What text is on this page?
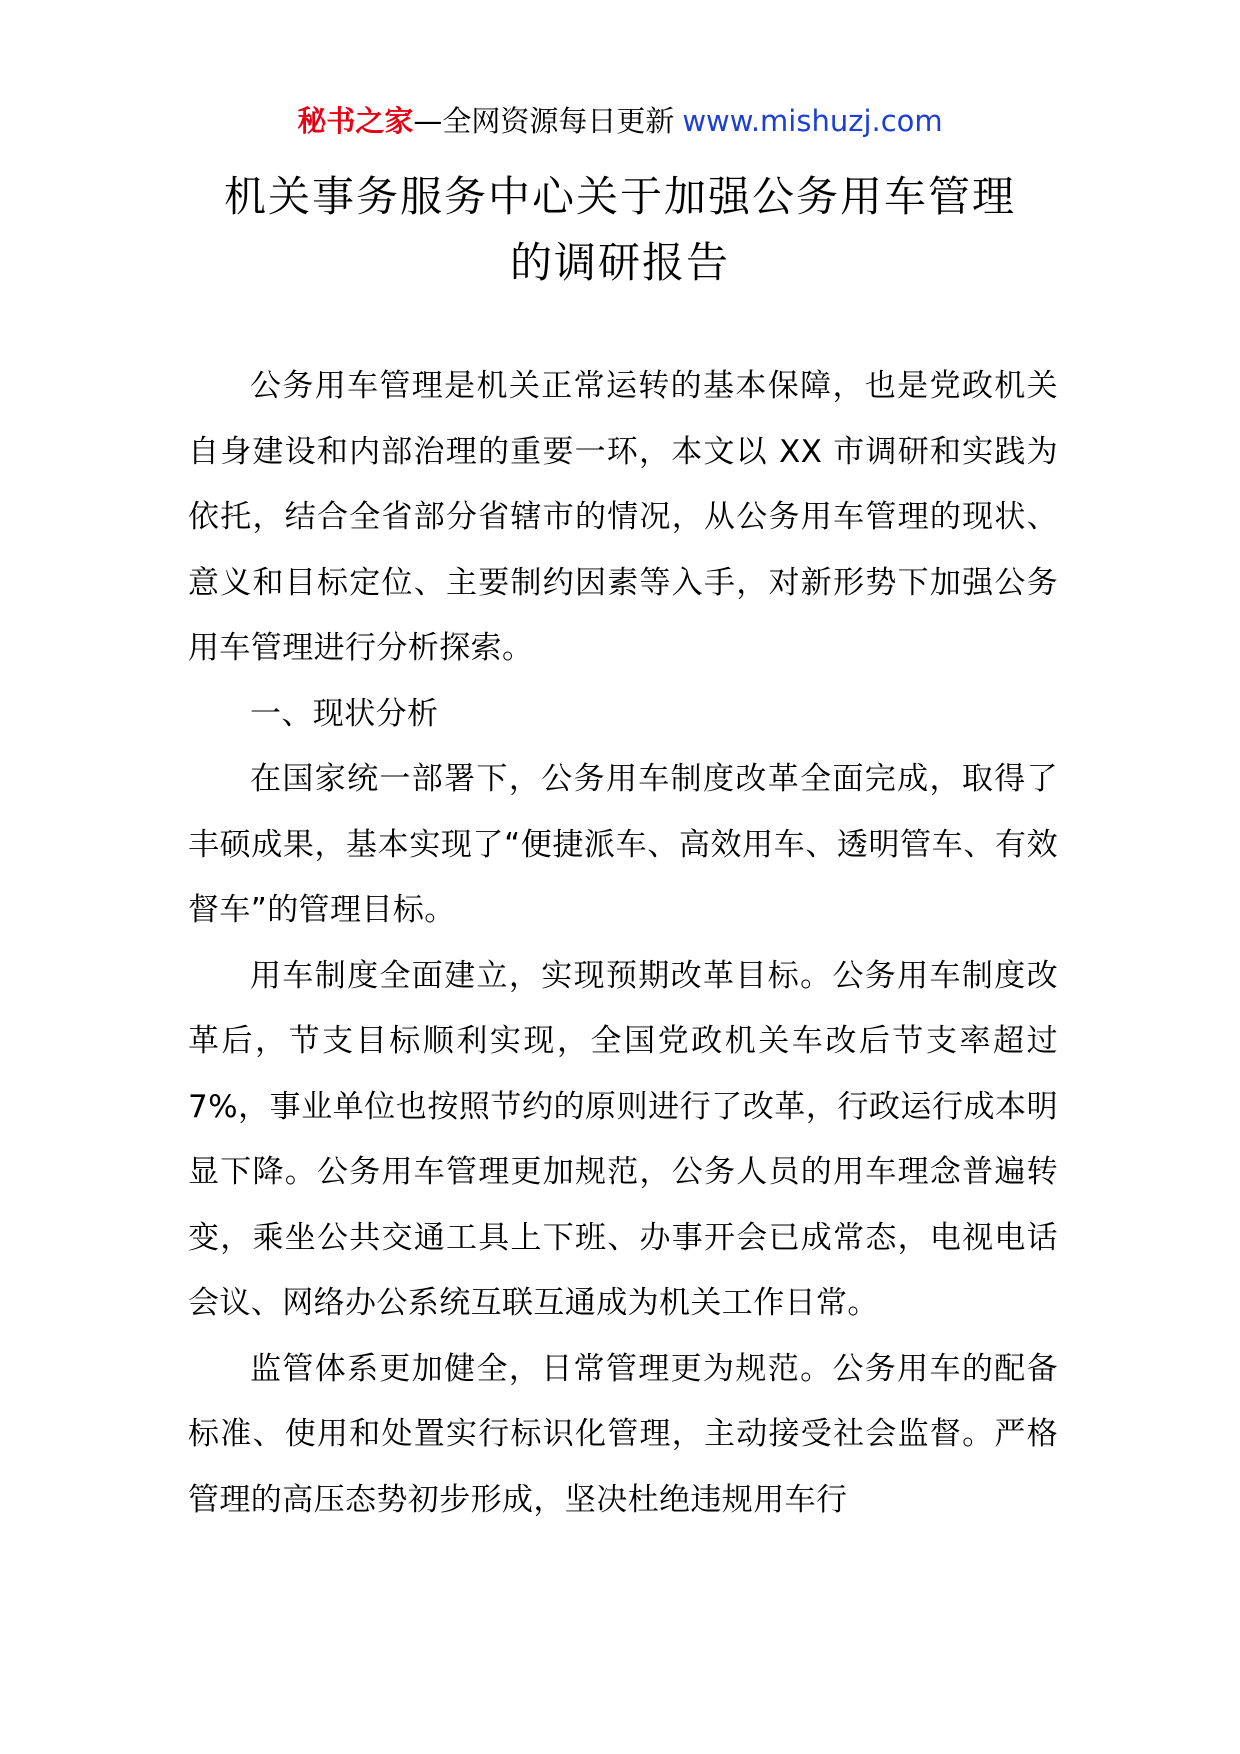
秘书之家—全网资源每日更新 www.mishuzj.com
机关事务服务中心关于加强公务用车管理
的调研报告

公务用车管理是机关正常运转的基本保障，也是党政机关自身建设和内部治理的重要一环，本文以 XX 市调研和实践为依托，结合全省部分省辖市的情况，从公务用车管理的现状、意义和目标定位、主要制约因素等入手，对新形势下加强公务用车管理进行分析探索。

一、现状分析

在国家统一部署下，公务用车制度改革全面完成，取得了丰硕成果，基本实现了“便捷派车、高效用车、透明管车、有效督车”的管理目标。

用车制度全面建立，实现预期改革目标。公务用车制度改革后，节支目标顺利实现，全国党政机关车改后节支率超过 7%，事业单位也按照节约的原则进行了改革，行政运行成本明显下降。公务用车管理更加规范，公务人员的用车理念普遍转变，乘坐公共交通工具上下班、办事开会已成常态，电视电话会议、网络办公系统互联互通成为机关工作日常。

监管体系更加健全，日常管理更为规范。公务用车的配备标准、使用和处置实行标识化管理，主动接受社会监督。严格管理的高压态势初步形成，坚决杜绝违规用车行
